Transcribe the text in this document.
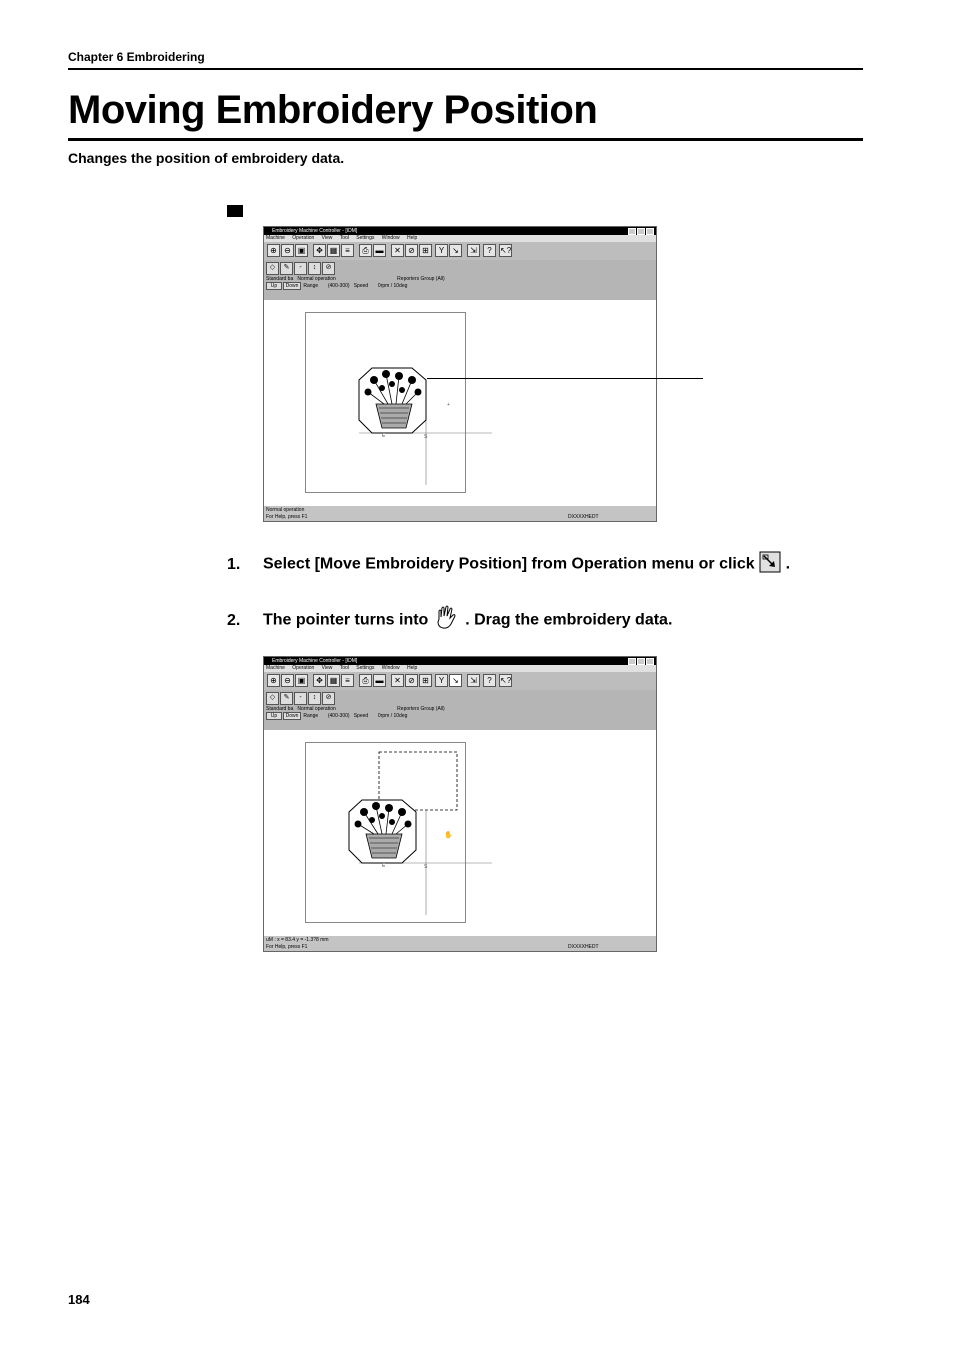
Chapter 6 Embroidering
Moving Embroidery Position
Changes the position of embroidery data.
Embroidery Machine Controller - [IDM]
Machine Operation View Tool Settings Window Help
⊕ ⊖ ▣	✥ ▦ ≡	⎙ ▬	✕ ⊘ ⊞	Y ↘	⇲	?	↖?
◇ ✎ - ↕ ⊘
Standard ba Normal operation	Reporters Group (All)
Up Down Range (400-300) Speed 0rpm / 10deg
+
E	S
Normal operation
For Help, press F1	DXXXXHEDT
1. Select [Move Embroidery Position] from Operation menu or click .
2. The pointer turns into . Drag the embroidery data.
Embroidery Machine Controller - [IDM]
Machine Operation View Tool Settings Window Help
⊕ ⊖ ▣	✥ ▦ ≡	⎙ ▬	✕ ⊘ ⊞	Y ↘	⇲	?	↖?
◇ ✎ - ↕ ⊘
Standard ba Normal operation	Reporters Group (All)
Up Down Range (400-300) Speed 0rpm / 10deg
✋
E	S
uM : x = 83.4 y = -1.3?8 mm
For Help, press F1	DXXXXHEDT
184
